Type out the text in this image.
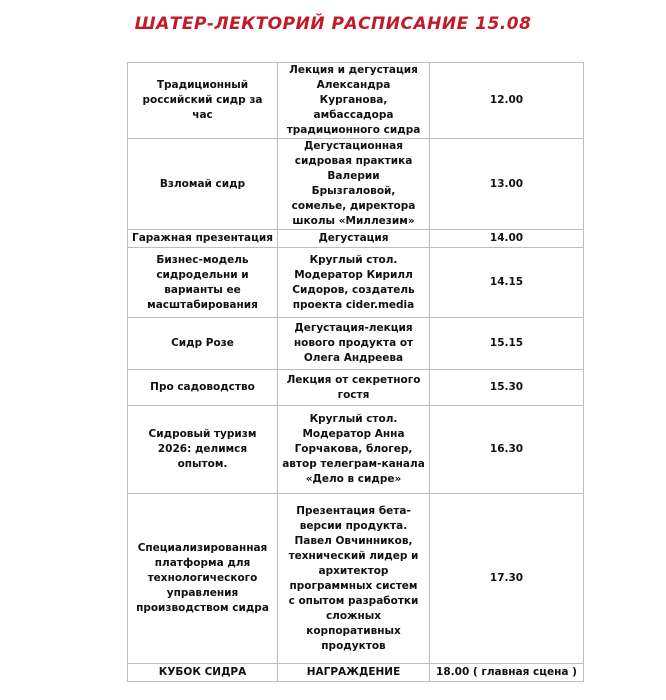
ШАТЕР-ЛЕКТОРИЙ РАСПИСАНИЕ 15.08
Традиционный российский сидр за час	Лекция и дегустация Александра Курганова, амбассадора традиционного сидра	12.00
Взломай сидр	Дегустационная сидровая практика Валерии Брызгаловой, сомелье, директора школы «Миллезим»	13.00
Гаражная презентация	Дегустация	14.00
Бизнес-модель сидродельни и варианты ее масштабирования	Круглый стол. Модератор Кирилл Сидоров, создатель проекта cider.media	14.15
Сидр Розе	Дегустация-лекция нового продукта от Олега Андреева	15.15
Про садоводство	Лекция от секретного гостя	15.30
Сидровый туризм 2026: делимся опытом.	Круглый стол. Модератор Анна Горчакова, блогер, автор телеграм-канала «Дело в сидре»	16.30
Специализированная платформа для технологического управления производством сидра	Презентация бета-версии продукта. Павел Овчинников, технический лидер и архитектор программных систем с опытом разработки сложных корпоративных продуктов	17.30
КУБОК СИДРА	НАГРАЖДЕНИЕ	18.00 ( главная сцена )
